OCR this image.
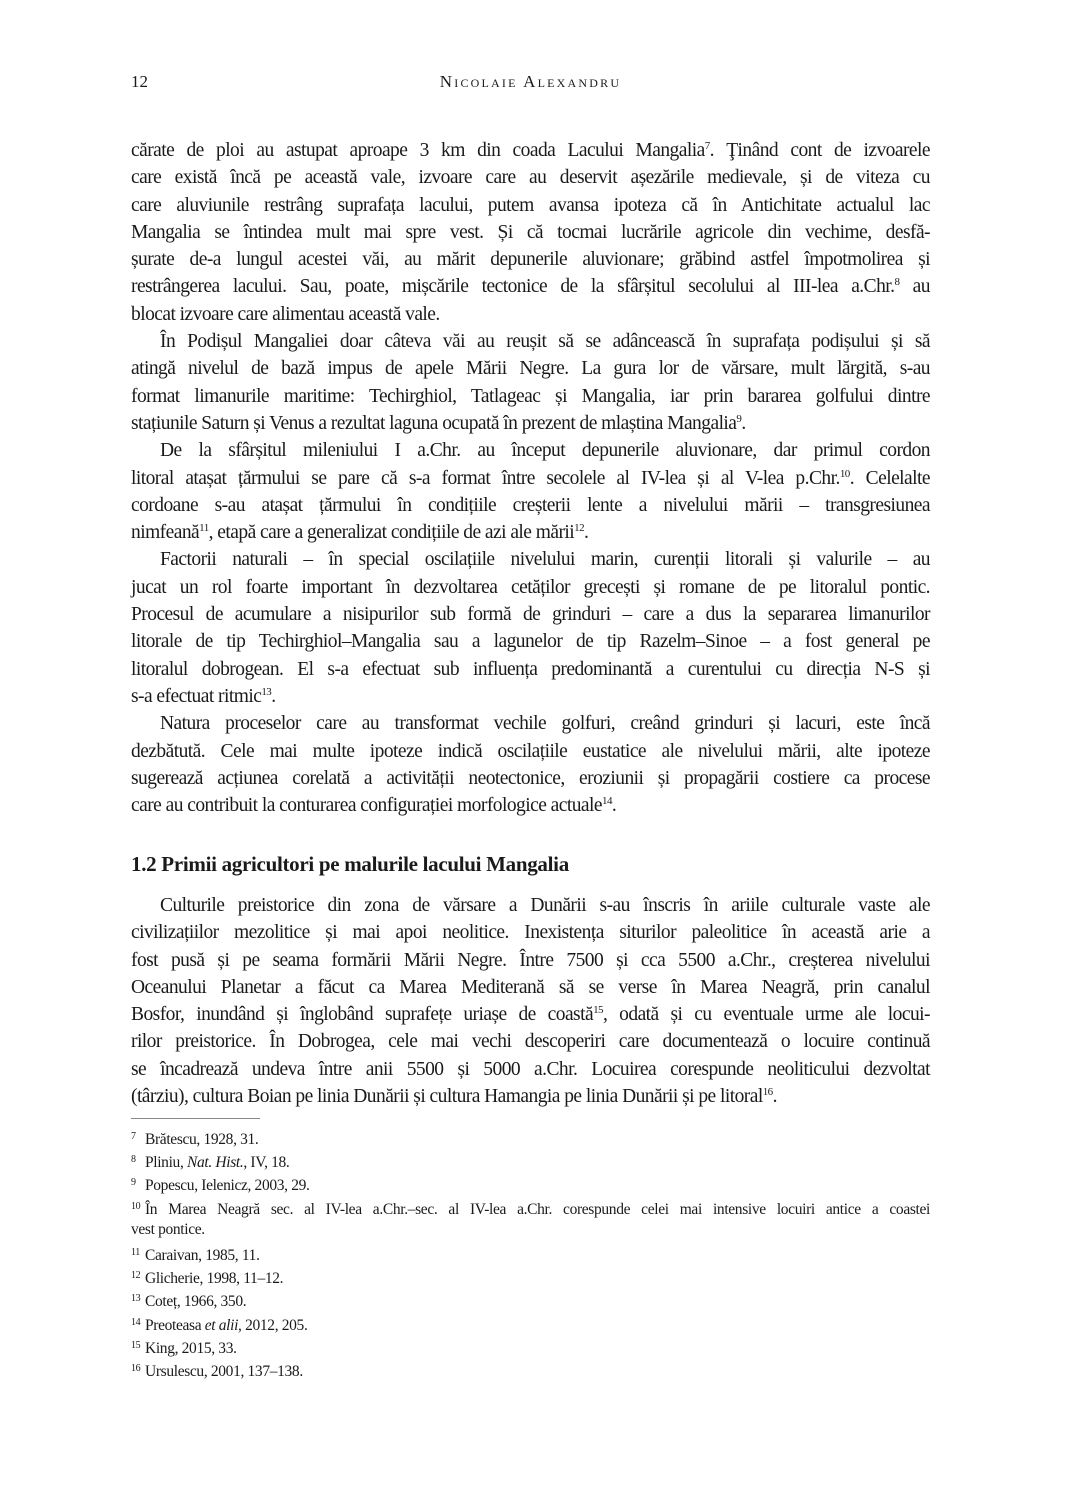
12	Nicolaie Alexandru
cărate de ploi au astupat aproape 3 km din coada Lacului Mangalia$^7$. Ţinând cont de izvoarele
care există încă pe această vale, izvoare care au deservit așezările medievale, și de viteza cu
care aluviunile restrâng suprafața lacului, putem avansa ipoteza că în Antichitate actualul lac
Mangalia se întindea mult mai spre vest. Și că tocmai lucrările agricole din vechime, desfă-
șurate de-a lungul acestei văi, au mărit depunerile aluvionare; grăbind astfel împotmolirea și
restrângerea lacului. Sau, poate, mișcările tectonice de la sfârșitul secolului al III-lea a.Chr.$^8$ au
blocat izvoare care alimentau această vale.
În Podișul Mangaliei doar câteva văi au reușit să se adâncească în suprafața podișului și să
atingă nivelul de bază impus de apele Mării Negre. La gura lor de vărsare, mult lărgită, s-au
format limanurile maritime: Techirghiol, Tatlageac și Mangalia, iar prin bararea golfului dintre
stațiunile Saturn și Venus a rezultat laguna ocupată în prezent de mlaștina Mangalia$^9$.
De la sfârșitul mileniului I a.Chr. au început depunerile aluvionare, dar primul cordon
litoral atașat țărmului se pare că s-a format între secolele al IV-lea și al V-lea p.Chr.$^{10}$. Celelalte
cordoane s-au atașat țărmului în condițiile creșterii lente a nivelului mării – transgresiunea
nimfeană$^{11}$, etapă care a generalizat condițiile de azi ale mării$^{12}$.
Factorii naturali – în special oscilațiile nivelului marin, curenții litorali și valurile – au
jucat un rol foarte important în dezvoltarea cetăților grecești și romane de pe litoralul pontic.
Procesul de acumulare a nisipurilor sub formă de grinduri – care a dus la separarea limanurilor
litorale de tip Techirghiol–Mangalia sau a lagunelor de tip Razelm–Sinoe – a fost general pe
litoralul dobrogean. El s-a efectuat sub influența predominantă a curentului cu direcția N-S și
s-a efectuat ritmic$^{13}$.
Natura proceselor care au transformat vechile golfuri, creând grinduri și lacuri, este încă
dezbătută. Cele mai multe ipoteze indică oscilațiile eustatice ale nivelului mării, alte ipoteze
sugerează acțiunea corelată a activității neotectonice, eroziunii și propagării costiere ca procese
care au contribuit la conturarea configurației morfologice actuale$^{14}$.
1.2 Primii agricultori pe malurile lacului Mangalia
Culturile preistorice din zona de vărsare a Dunării s-au înscris în ariile culturale vaste ale
civilizațiilor mezolitice și mai apoi neolitice. Inexistența siturilor paleolitice în această arie a
fost pusă și pe seama formării Mării Negre. Între 7500 și cca 5500 a.Chr., creșterea nivelului
Oceanului Planetar a făcut ca Marea Mediterană să se verse în Marea Neagră, prin canalul
Bosfor, inundând și înglobând suprafețe uriașe de coastă$^{15}$, odată și cu eventuale urme ale locui-
rilor preistorice. În Dobrogea, cele mai vechi descoperiri care documentează o locuire continuă
se încadrează undeva între anii 5500 și 5000 a.Chr. Locuirea corespunde neoliticului dezvoltat
(târziu), cultura Boian pe linia Dunării și cultura Hamangia pe linia Dunării și pe litoral$^{16}$.
7 Brătescu, 1928, 31.
8 Pliniu, Nat. Hist., IV, 18.
9 Popescu, Ielenicz, 2003, 29.
10 În Marea Neagră sec. al IV-lea a.Chr.–sec. al IV-lea a.Chr. corespunde celei mai intensive locuiri antice a coastei
vest pontice.
11 Caraivan, 1985, 11.
12 Glicherie, 1998, 11–12.
13 Coteț, 1966, 350.
14 Preoteasa et alii, 2012, 205.
15 King, 2015, 33.
16 Ursulescu, 2001, 137–138.
